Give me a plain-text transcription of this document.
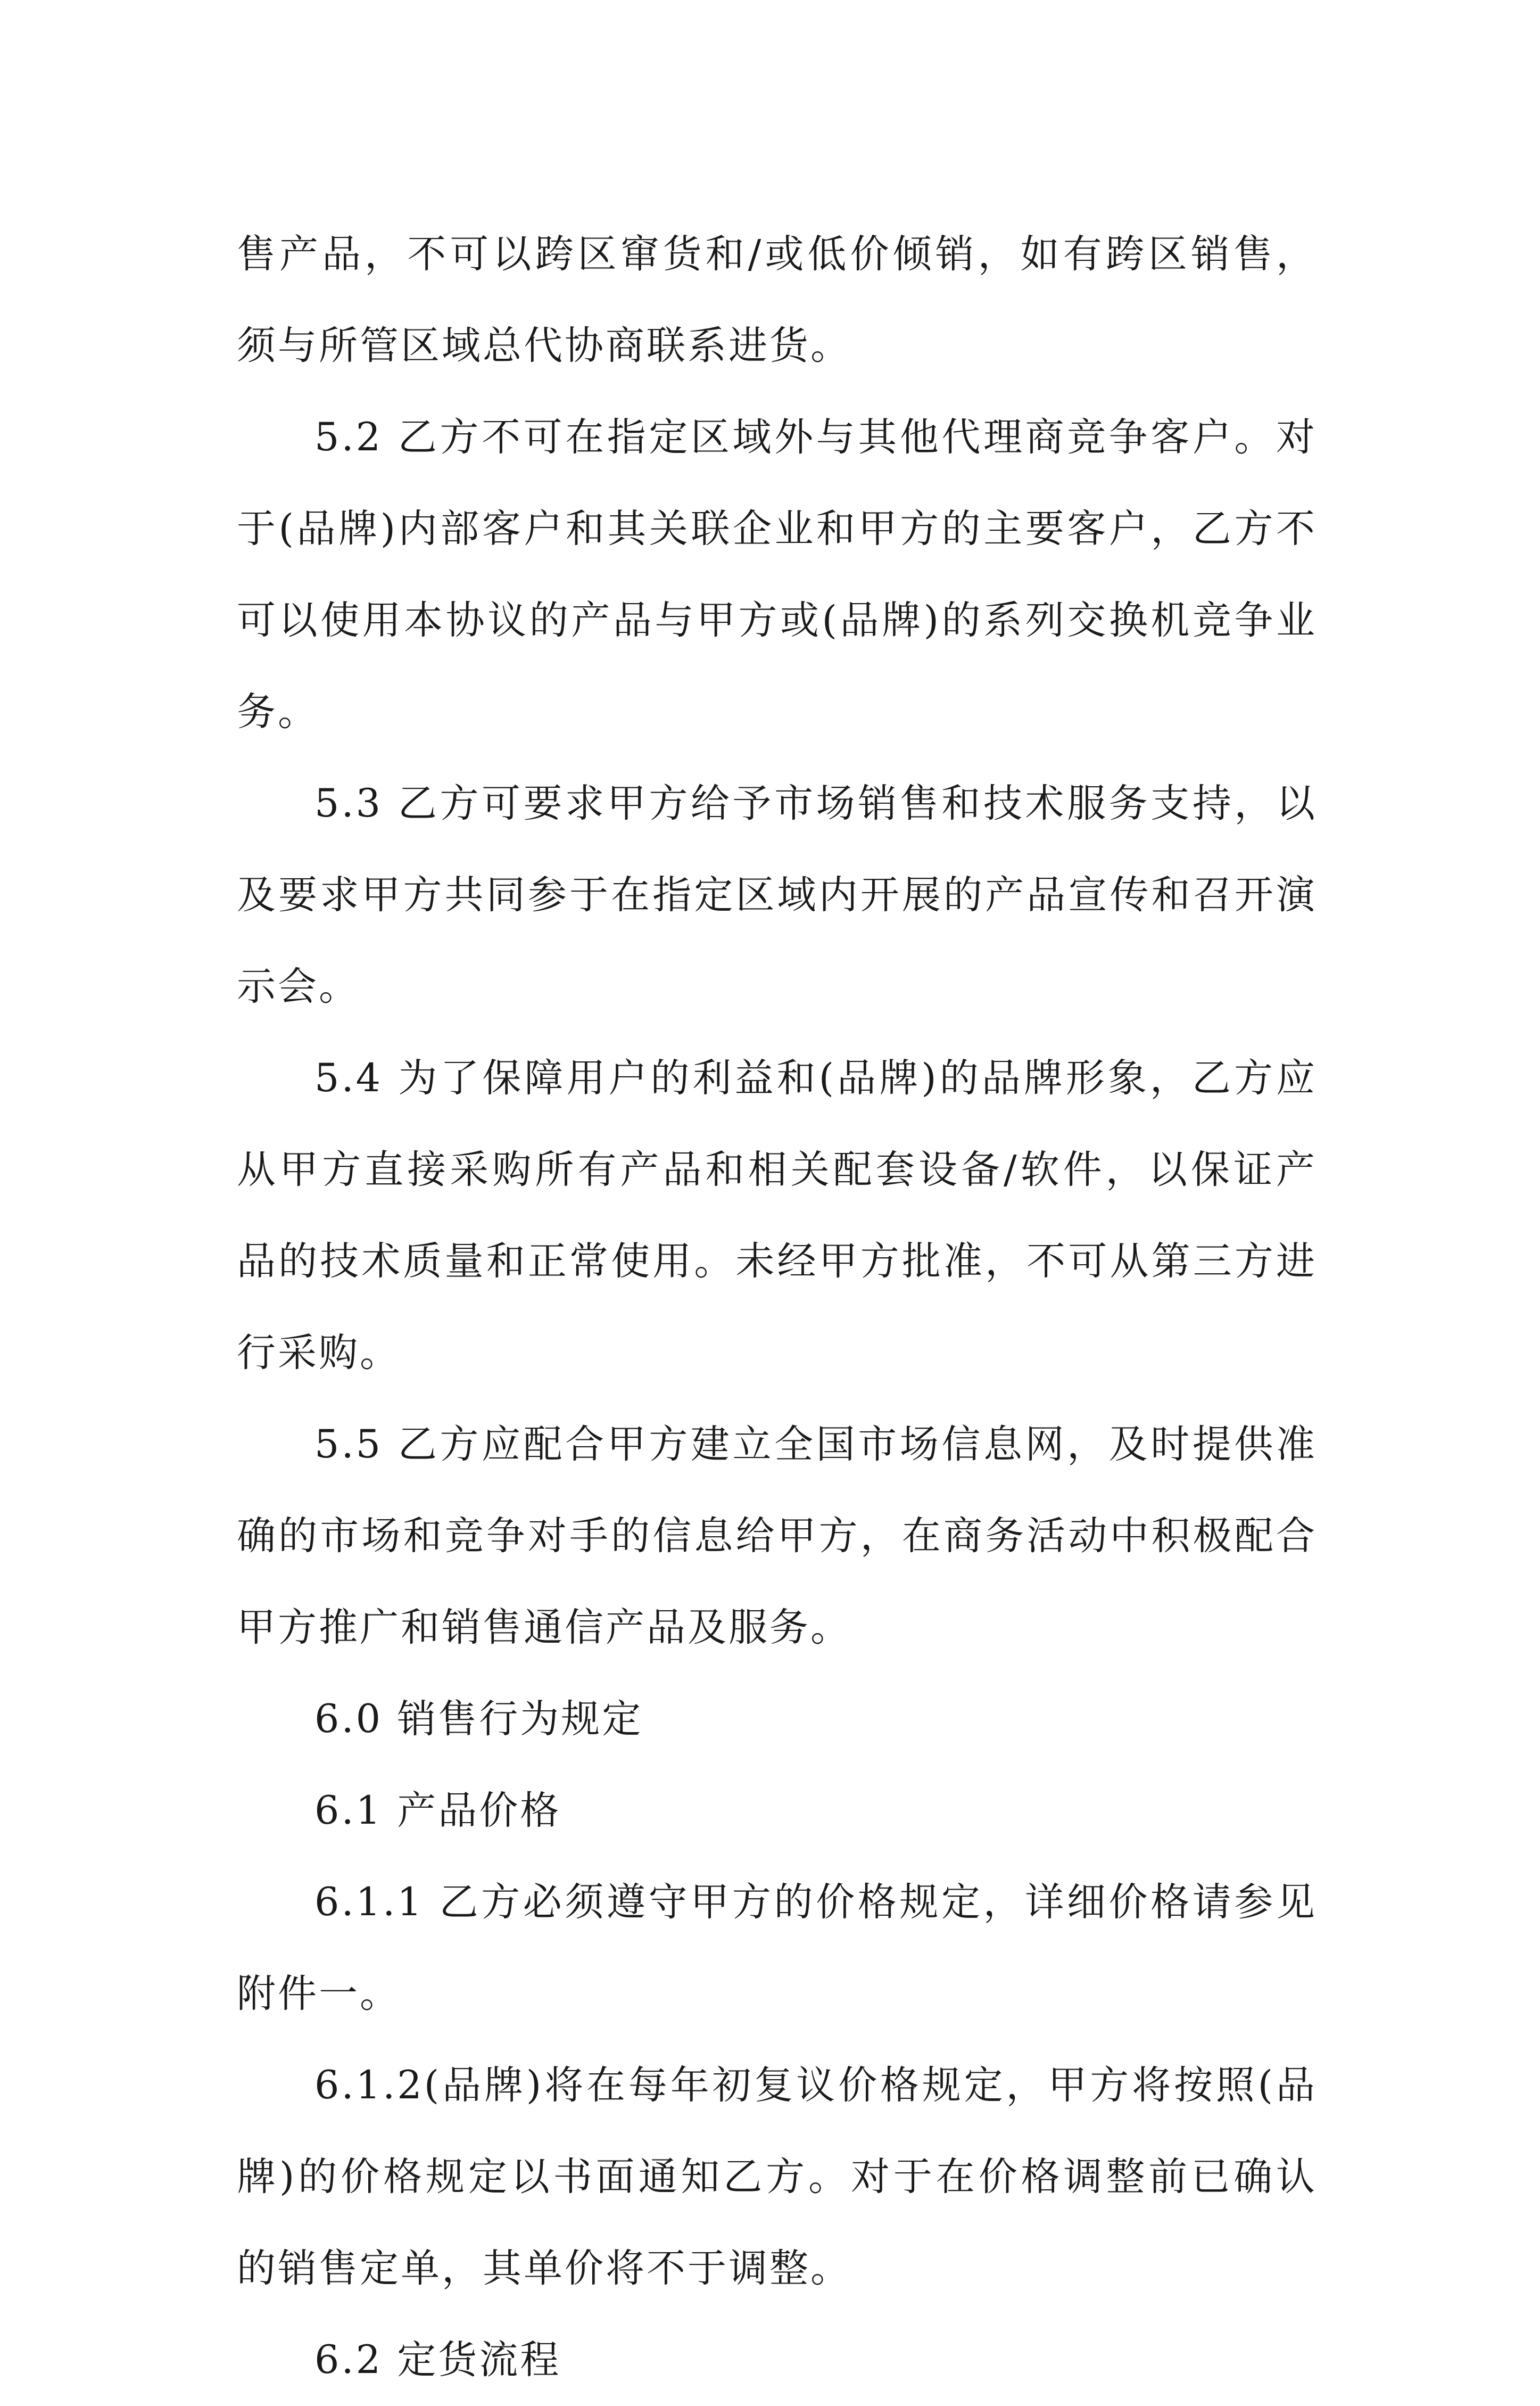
售产品，不可以跨区窜货和/或低价倾销，如有跨区销售，须与所管区域总代协商联系进货。

5.2 乙方不可在指定区域外与其他代理商竞争客户。对于(品牌)内部客户和其关联企业和甲方的主要客户，乙方不可以使用本协议的产品与甲方或(品牌)的系列交换机竞争业务。

5.3 乙方可要求甲方给予市场销售和技术服务支持，以及要求甲方共同参于在指定区域内开展的产品宣传和召开演示会。

5.4 为了保障用户的利益和(品牌)的品牌形象，乙方应从甲方直接采购所有产品和相关配套设备/软件，以保证产品的技术质量和正常使用。未经甲方批准，不可从第三方进行采购。

5.5 乙方应配合甲方建立全国市场信息网，及时提供准确的市场和竞争对手的信息给甲方，在商务活动中积极配合甲方推广和销售通信产品及服务。

6.0 销售行为规定

6.1 产品价格

6.1.1 乙方必须遵守甲方的价格规定，详细价格请参见附件一。

6.1.2(品牌)将在每年初复议价格规定，甲方将按照(品牌)的价格规定以书面通知乙方。对于在价格调整前已确认的销售定单，其单价将不于调整。

6.2 定货流程
